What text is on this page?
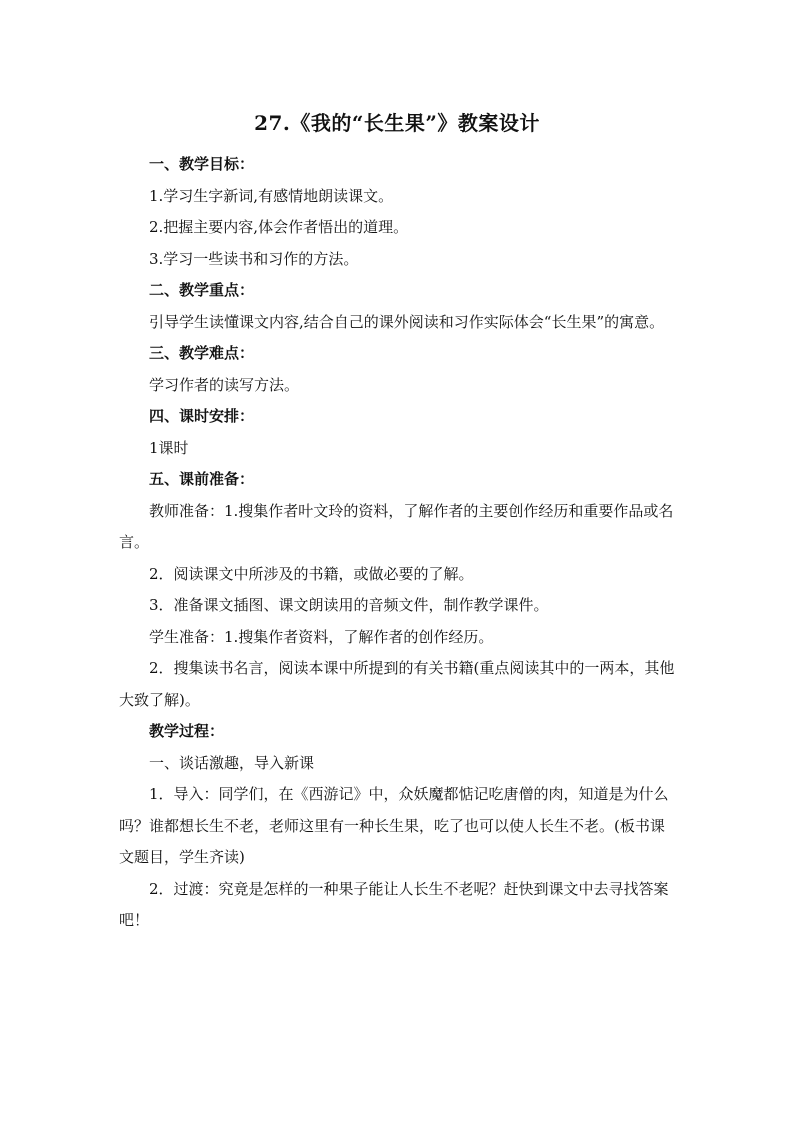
27.《我的“长生果”》教案设计

一、教学目标：

1.学习生字新词,有感情地朗读课文。

2.把握主要内容,体会作者悟出的道理。

3.学习一些读书和习作的方法。

二、教学重点：

引导学生读懂课文内容,结合自己的课外阅读和习作实际体会“长生果”的寓意。

三、教学难点：

学习作者的读写方法。

四、课时安排：

1课时

五、课前准备：

教师准备：1.搜集作者叶文玲的资料，了解作者的主要创作经历和重要作品或名言。

2．阅读课文中所涉及的书籍，或做必要的了解。

3．准备课文插图、课文朗读用的音频文件，制作教学课件。

学生准备：1.搜集作者资料，了解作者的创作经历。

2．搜集读书名言，阅读本课中所提到的有关书籍(重点阅读其中的一两本，其他大致了解)。

教学过程：

一、谈话激趣，导入新课

1．导入：同学们，在《西游记》中，众妖魔都惦记吃唐僧的肉，知道是为什么吗？谁都想长生不老，老师这里有一种长生果，吃了也可以使人长生不老。(板书课文题目，学生齐读)

2．过渡：究竟是怎样的一种果子能让人长生不老呢？赶快到课文中去寻找答案吧！
